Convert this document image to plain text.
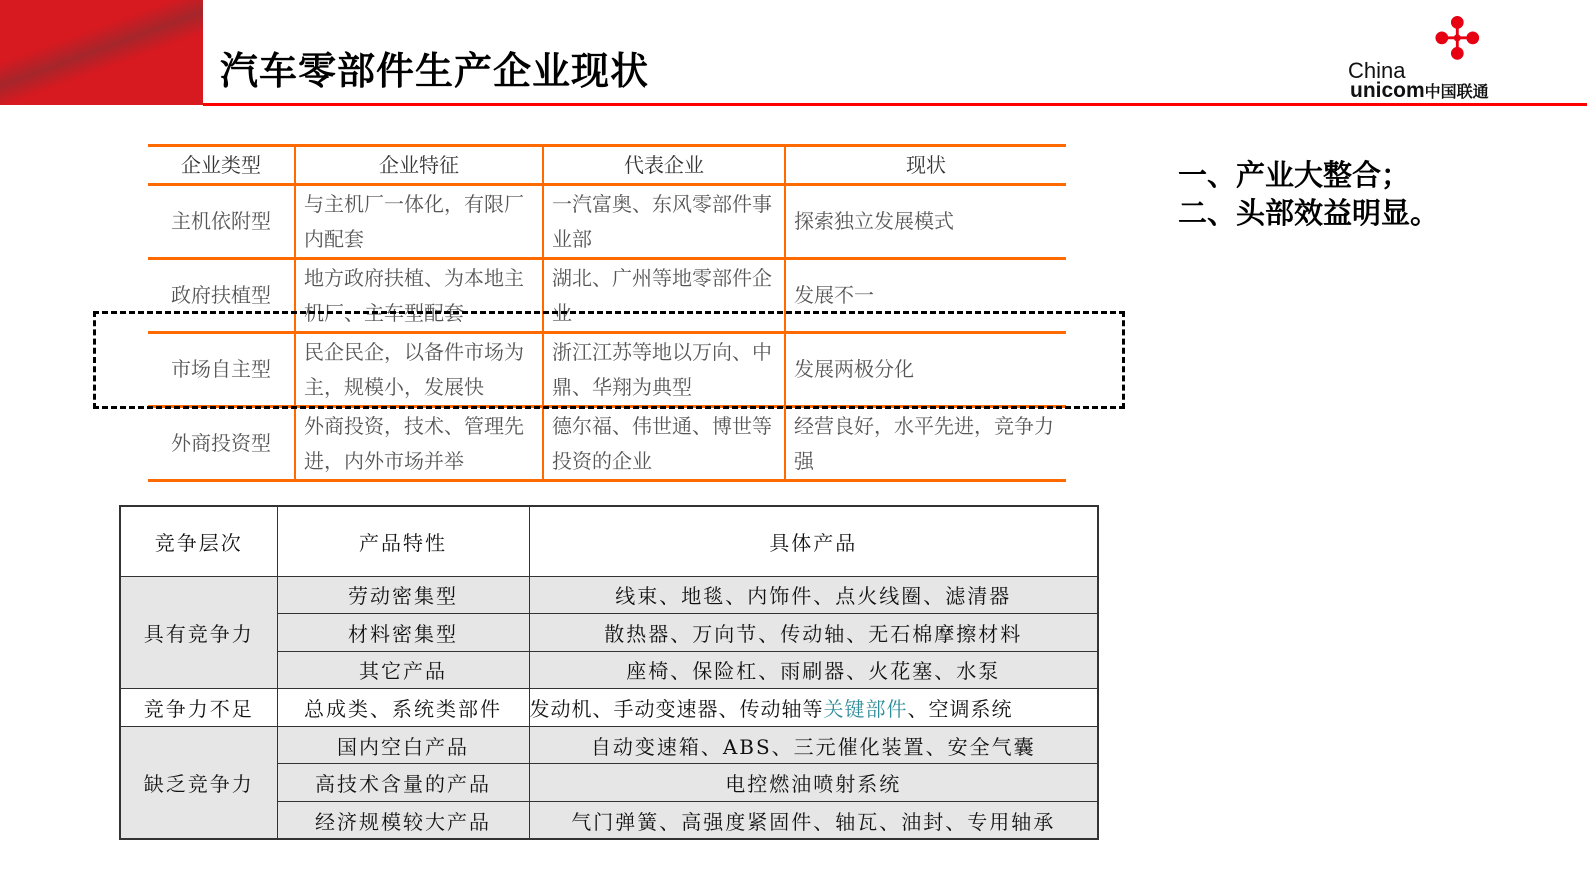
汽车零部件生产企业现状	✣
China
unicom中国联通
企业类型	企业特征	代表企业	现状
主机依附型	与主机厂一体化，有限厂内配套	一汽富奥、东风零部件事业部	探索独立发展模式

政府扶植型	地方政府扶植、为本地主机厂、主车型配套	湖北、广州等地零部件企业	发展不一

市场自主型	民企民企，以备件市场为主，规模小，发展快	浙江江苏等地以万向、中鼎、华翔为典型	发展两极分化

外商投资型	外商投资，技术、管理先进，内外市场并举	德尔福、伟世通、博世等投资的企业	经营良好，水平先进，竞争力强
一、产业大整合；
二、头部效益明显。
竞争层次	产品特性	具体产品
具有竞争力	劳动密集型	线束、地毯、内饰件、点火线圈、滤清器
	材料密集型	散热器、万向节、传动轴、无石棉摩擦材料
	其它产品	座椅、保险杠、雨刷器、火花塞、水泵
竞争力不足	总成类、系统类部件	发动机、手动变速器、传动轴等关键部件、空调系统
缺乏竞争力	国内空白产品	自动变速箱、ABS、三元催化装置、安全气囊
	高技术含量的产品	电控燃油喷射系统
	经济规模较大产品	气门弹簧、高强度紧固件、轴瓦、油封、专用轴承
